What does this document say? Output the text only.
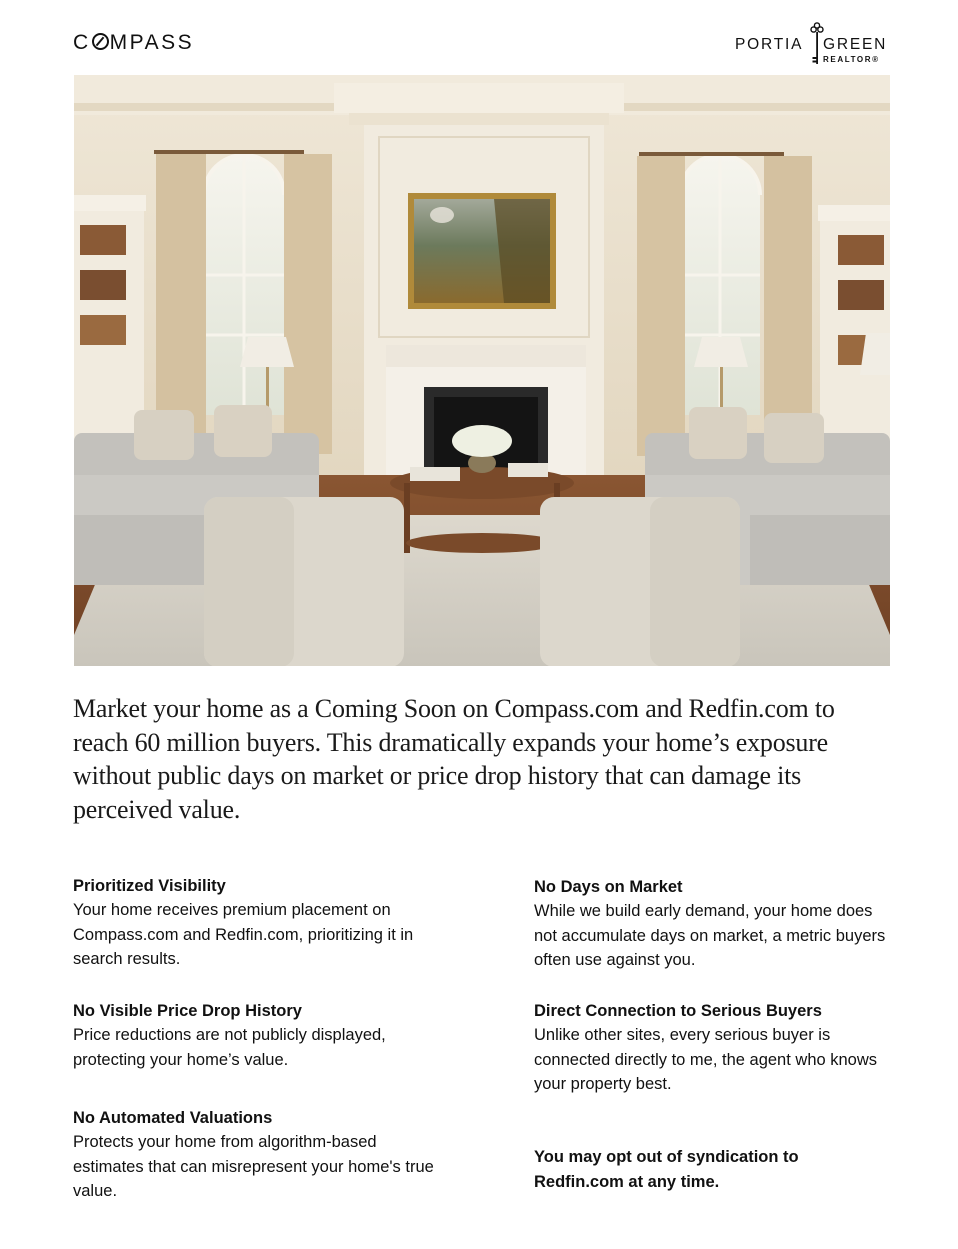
C MPASS	PORTIA GREEN
REALTOR®

Market your home as a Coming Soon on Compass.com and Redfin.com to reach 60 million buyers. This dramatically expands your home’s exposure without public days on market or price drop history that can damage its perceived value.

Prioritized Visibility

Your home receives premium placement on Compass.com and Redfin.com, prioritizing it in search results.

No Visible Price Drop History

Price reductions are not publicly displayed, protecting your home’s value.

No Automated Valuations

Protects your home from algorithm-based estimates that can misrepresent your home's true value.

No Days on Market

While we build early demand, your home does not accumulate days on market, a metric buyers often use against you.

Direct Connection to Serious Buyers

Unlike other sites, every serious buyer is connected directly to me, the agent who knows your property best.

You may opt out of syndication to Redfin.com at any time.
